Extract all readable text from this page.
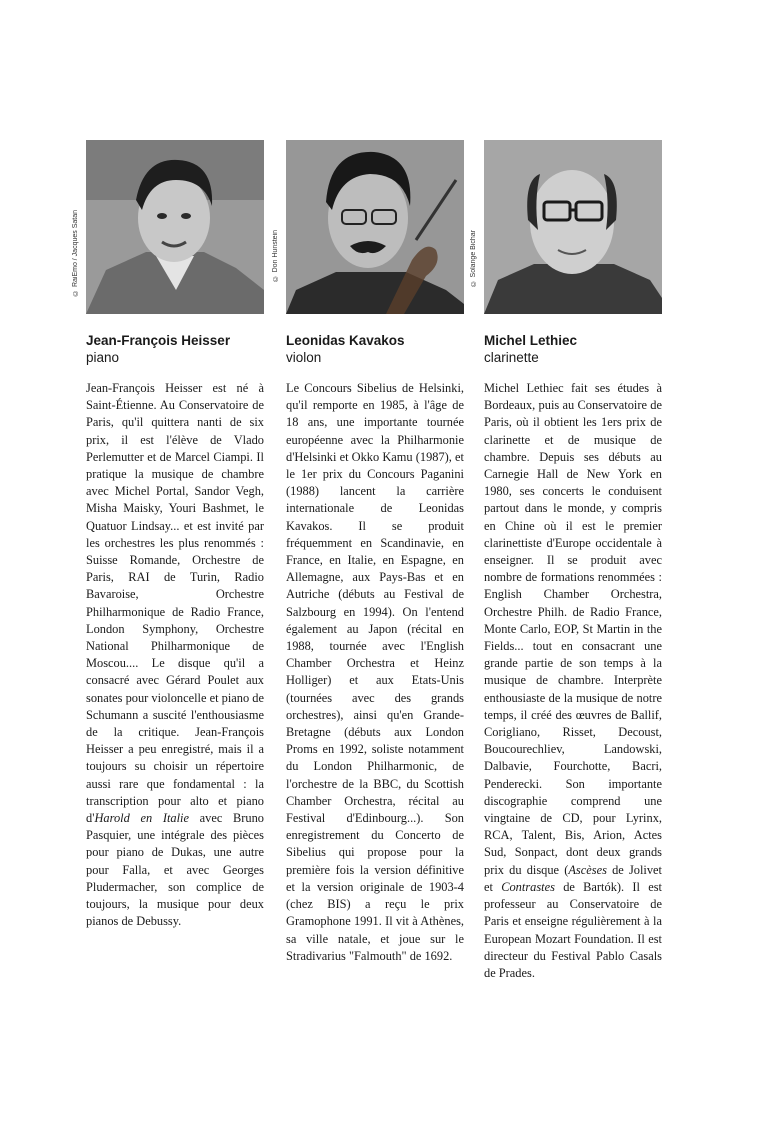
Jean-François Heisser
piano
Jean-François Heisser est né à Saint-Étienne. Au Conservatoire de Paris, qu'il quittera nanti de six prix, il est l'élève de Vlado Perlemutter et de Marcel Ciampi. Il pratique la musique de chambre avec Michel Portal, Sandor Vegh, Misha Maisky, Youri Bashmet, le Quatuor Lindsay... et est invité par les orchestres les plus renommés : Suisse Romande, Orchestre de Paris, RAI de Turin, Radio Bavaroise, Orchestre Philharmonique de Radio France, London Symphony, Orchestre National Philharmonique de Moscou.... Le disque qu'il a consacré avec Gérard Poulet aux sonates pour violoncelle et piano de Schumann a suscité l'enthousiasme de la critique. Jean-François Heisser a peu enregistré, mais il a toujours su choisir un répertoire aussi rare que fondamental : la transcription pour alto et piano d'Harold en Italie avec Bruno Pasquier, une intégrale des pièces pour piano de Dukas, une autre pour Falla, et avec Georges Pludermacher, son complice de toujours, la musique pour deux pianos de Debussy.
© RaiEmo / Jacques Satan
Leonidas Kavakos
violon
Le Concours Sibelius de Helsinki, qu'il remporte en 1985, à l'âge de 18 ans, une importante tournée européenne avec la Philharmonie d'Helsinki et Okko Kamu (1987), et le 1er prix du Concours Paganini (1988) lancent la carrière internationale de Leonidas Kavakos. Il se produit fréquemment en Scandinavie, en France, en Italie, en Espagne, en Allemagne, aux Pays-Bas et en Autriche (débuts au Festival de Salzbourg en 1994). On l'entend également au Japon (récital en 1988, tournée avec l'English Chamber Orchestra et Heinz Holliger) et aux Etats-Unis (tournées avec des grands orchestres), ainsi qu'en Grande-Bretagne (débuts aux London Proms en 1992, soliste notamment du London Philharmonic, de l'orchestre de la BBC, du Scottish Chamber Orchestra, récital au Festival d'Edinbourg...). Son enregistrement du Concerto de Sibelius qui propose pour la première fois la version définitive et la version originale de 1903-4 (chez BIS) a reçu le prix Gramophone 1991. Il vit à Athènes, sa ville natale, et joue sur le Stradivarius "Falmouth" de 1692.
© Don Hunstein
Michel Lethiec
clarinette
Michel Lethiec fait ses études à Bordeaux, puis au Conservatoire de Paris, où il obtient les 1ers prix de clarinette et de musique de chambre. Depuis ses débuts au Carnegie Hall de New York en 1980, ses concerts le conduisent partout dans le monde, y compris en Chine où il est le premier clarinettiste d'Europe occidentale à enseigner. Il se produit avec nombre de formations renommées : English Chamber Orchestra, Orchestre Philh. de Radio France, Monte Carlo, EOP, St Martin in the Fields... tout en consacrant une grande partie de son temps à la musique de chambre. Interprète enthousiaste de la musique de notre temps, il créé des œuvres de Ballif, Corigliano, Risset, Decoust, Boucourechliev, Landowski, Dalbavie, Fourchotte, Bacri, Penderecki. Son importante discographie comprend une vingtaine de CD, pour Lyrinx, RCA, Talent, Bis, Arion, Actes Sud, Sonpact, dont deux grands prix du disque (Ascèses de Jolivet et Contrastes de Bartók). Il est professeur au Conservatoire de Paris et enseigne régulièrement à la European Mozart Foundation. Il est directeur du Festival Pablo Casals de Prades.
© Solange Bichar
